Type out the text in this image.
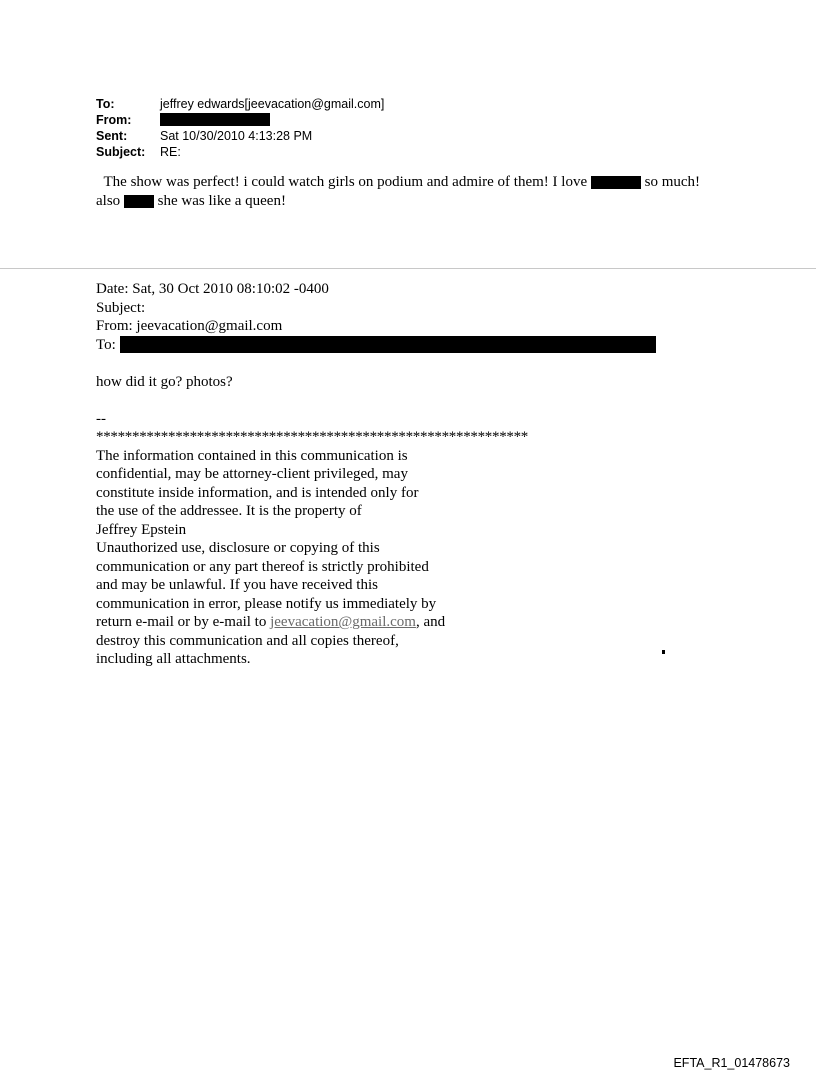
To:	jeffrey edwards[jeevacation@gmail.com]
From:
Sent:	Sat 10/30/2010 4:13:28 PM
Subject:	RE:
The show was perfect! i could watch girls on podium and admire of them! I love	so much! also	she was like a queen!
Date: Sat, 30 Oct 2010 08:10:02 -0400
Subject:
From: jeevacation@gmail.com
To:
how did it go? photos?
--
************************************************************
The information contained in this communication is
confidential, may be attorney-client privileged, may
constitute inside information, and is intended only for
the use of the addressee. It is the property of
Jeffrey Epstein
Unauthorized use, disclosure or copying of this
communication or any part thereof is strictly prohibited
and may be unlawful. If you have received this
communication in error, please notify us immediately by
return e-mail or by e-mail to jeevacation@gmail.com, and
destroy this communication and all copies thereof,
including all attachments.
EFTA_R1_01478673
